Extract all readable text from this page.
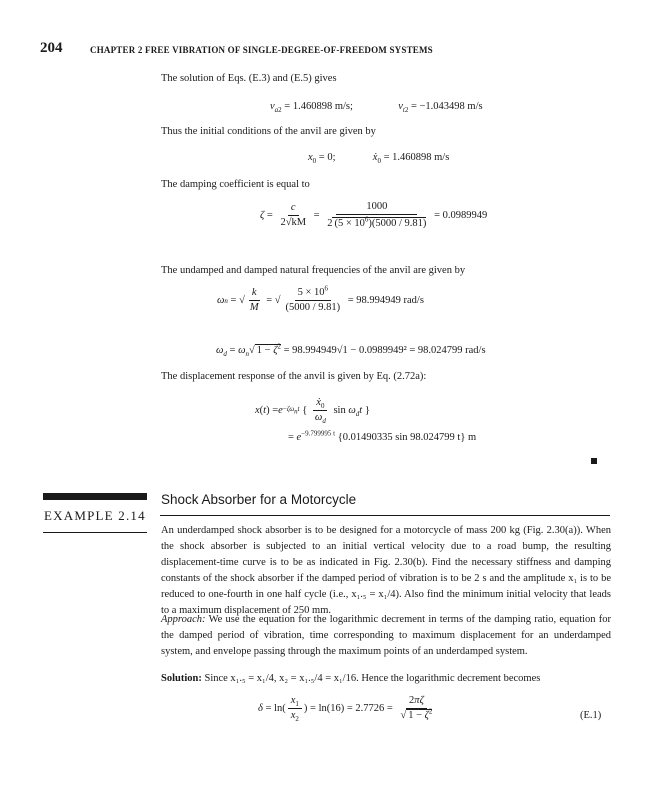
204	CHAPTER 2 FREE VIBRATION OF SINGLE-DEGREE-OF-FREEDOM SYSTEMS
The solution of Eqs. (E.3) and (E.5) gives
$v_{a2} = 1.460898$ m/s;	$v_{t2} = -1.043498$ m/s
Thus the initial conditions of the anvil are given by
$x_0 = 0$;	$ẋ_0 = 1.460898$ m/s
The damping coefficient is equal to
$\zeta = \frac{c}{2√kM} = \frac{1000}{2 (5 \times 10^6)(5000 / 9.81)}$
= 0.0989949
The undamped and damped natural frequencies of the anvil are given by
ω n = √ $\frac{k}{M}$ = √ $\frac{5 \times 10^6}{(5000 / 9.81)}$
= 98.994949 rad/s
$\omega_d = \omega_n√$ $1 - \zeta^2 = 98.994949√1 - 0.0989949^2 = 98.024799$ rad/s
The displacement response of the anvil is given by Eq. (2.72a):
x ( t ) = $e -\zeta\omega_nt$ { $\frac{ẋ_0}{\omega_d}$ $\sin \omega_dt$ }
= $e^{-9.799995 t}$ {0.01490335 sin 98.024799 t} m
EXAMPLE 2.14
Shock Absorber for a Motorcycle
An underdamped shock absorber is to be designed for a motorcycle of mass 200 kg (Fig. 2.30(a)). When the shock absorber is subjected to an initial vertical velocity due to a road bump, the resulting displacement-time curve is to be as indicated in Fig. 2.30(b). Find the necessary stiffness and damping constants of the shock absorber if the damped period of vibration is to be 2 s and the amplitude x₁ is to be reduced to one-fourth in one half cycle (i.e., x₁.₅ = x₁/4). Also find the minimum initial velocity that leads to a maximum displacement of 250 mm.
Approach: We use the equation for the logarithmic decrement in terms of the damping ratio, equation for the damped period of vibration, time corresponding to maximum displacement for an underdamped system, and envelope passing through the maximum points of an underdamped system.
Solution: Since x₁.₅ = x₁/4, x₂ = x₁.₅/4 = x₁/16. Hence the logarithmic decrement becomes
$\delta = \ln( \frac{x_1}{x_2}$ ) = ln(16) = 2.7726 =
$\frac{2\pi\zeta}{√ 1 - \zeta^2}$	(E.1)
